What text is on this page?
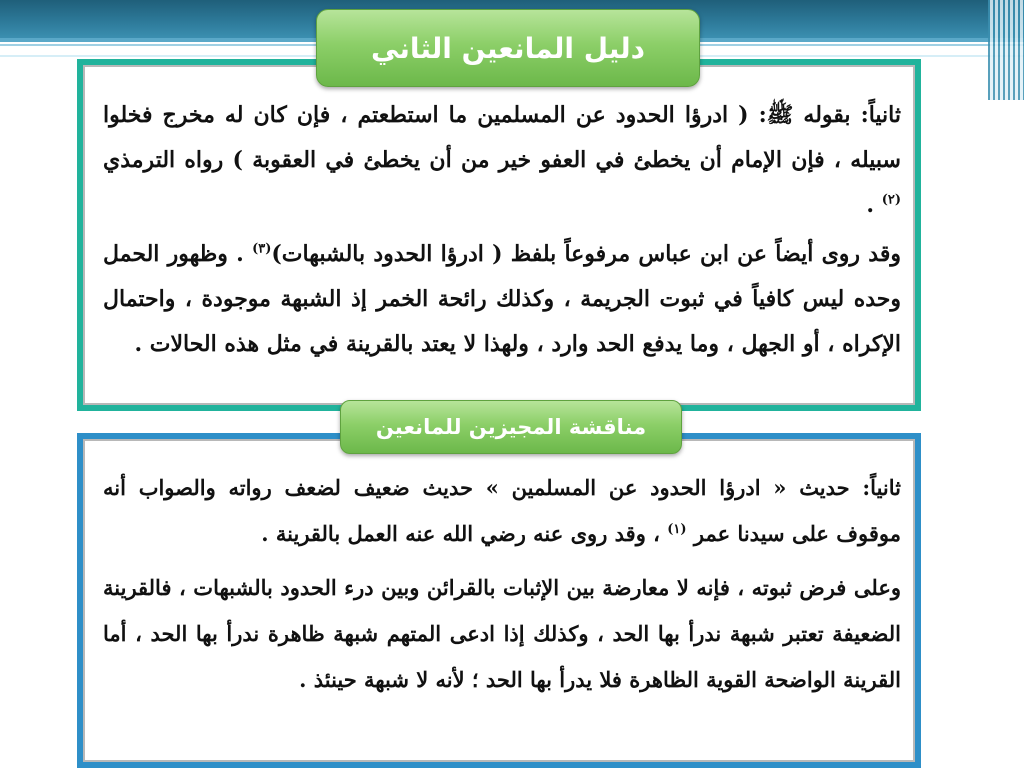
دليل المانعين الثاني

ثانياً: بقوله ﷺ: ( ادرؤا الحدود عن المسلمين ما استطعتم ، فإن كان له مخرج فخلوا سبيله ، فإن الإمام أن يخطئ في العفو خير من أن يخطئ في العقوبة ) رواه الترمذي $^{(٢)}$ .

وقد روى أيضاً عن ابن عباس مرفوعاً بلفظ ( ادرؤا الحدود بالشبهات)$^{(٣)}$ . وظهور الحمل وحده ليس كافياً في ثبوت الجريمة ، وكذلك رائحة الخمر إذ الشبهة موجودة ، واحتمال الإكراه ، أو الجهل ، وما يدفع الحد وارد ، ولهذا لا يعتد بالقرينة في مثل هذه الحالات .

مناقشة المجيزين للمانعين

ثانياً: حديث « ادرؤا الحدود عن المسلمين » حديث ضعيف لضعف رواته والصواب أنه موقوف على سيدنا عمر $^{(١)}$ ، وقد روى عنه رضي الله عنه العمل بالقرينة .

وعلى فرض ثبوته ، فإنه لا معارضة بين الإثبات بالقرائن وبين درء الحدود بالشبهات ، فالقرينة الضعيفة تعتبر شبهة ندرأ بها الحد ، وكذلك إذا ادعى المتهم شبهة ظاهرة ندرأ بها الحد ، أما القرينة الواضحة القوية الظاهرة فلا يدرأ بها الحد ؛ لأنه لا شبهة حينئذ .
